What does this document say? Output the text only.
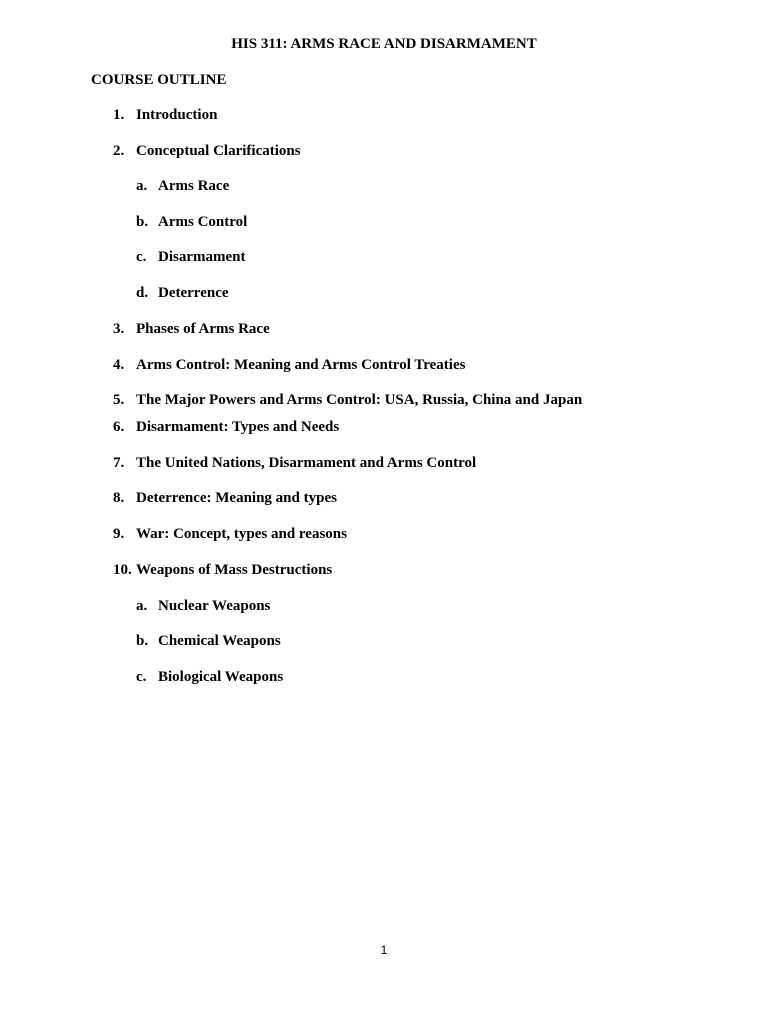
HIS 311: ARMS RACE AND DISARMAMENT
COURSE OUTLINE
1. Introduction
2. Conceptual Clarifications
a. Arms Race
b. Arms Control
c. Disarmament
d. Deterrence
3. Phases of Arms Race
4. Arms Control: Meaning and Arms Control Treaties
5. The Major Powers and Arms Control: USA, Russia, China and Japan
6. Disarmament: Types and Needs
7. The United Nations, Disarmament and Arms Control
8. Deterrence: Meaning and types
9. War: Concept, types and reasons
10. Weapons of Mass Destructions
a. Nuclear Weapons
b. Chemical Weapons
c. Biological Weapons
1
